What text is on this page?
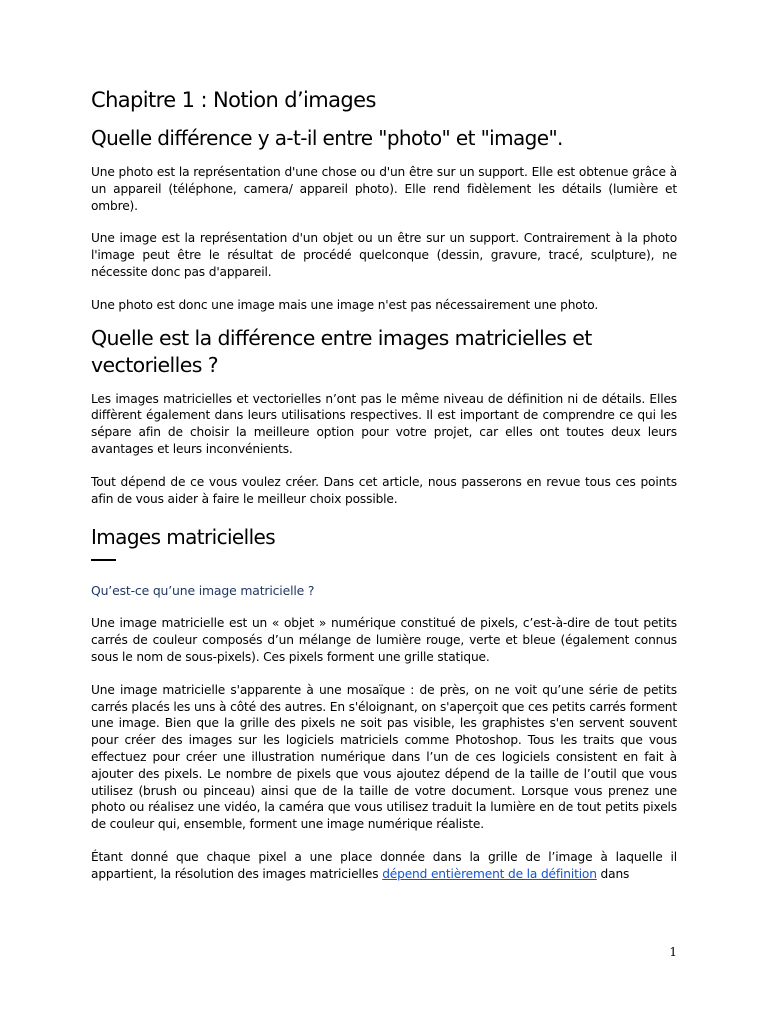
Chapitre 1 : Notion d’images
Quelle différence y a-t-il entre "photo" et "image".

Une photo est la représentation d'une chose ou d'un être sur un support. Elle est obtenue grâce à un appareil (téléphone, camera/ appareil photo). Elle rend fidèlement les détails (lumière et ombre).

Une image est la représentation d'un objet ou un être sur un support. Contrairement à la photo l'image peut être le résultat de procédé quelconque (dessin, gravure, tracé, sculpture), ne nécessite donc pas d'appareil.

Une photo est donc une image mais une image n'est pas nécessairement une photo.

Quelle est la différence entre images matricielles et vectorielles ?

Les images matricielles et vectorielles n’ont pas le même niveau de définition ni de détails. Elles diffèrent également dans leurs utilisations respectives. Il est important de comprendre ce qui les sépare afin de choisir la meilleure option pour votre projet, car elles ont toutes deux leurs avantages et leurs inconvénients.

Tout dépend de ce vous voulez créer. Dans cet article, nous passerons en revue tous ces points afin de vous aider à faire le meilleur choix possible.

Images matricielles
Qu’est-ce qu’une image matricielle ?

Une image matricielle est un « objet » numérique constitué de pixels, c’est-à-dire de tout petits carrés de couleur composés d’un mélange de lumière rouge, verte et bleue (également connus sous le nom de sous-pixels). Ces pixels forment une grille statique.

Une image matricielle s'apparente à une mosaïque : de près, on ne voit qu’une série de petits carrés placés les uns à côté des autres. En s'éloignant, on s'aperçoit que ces petits carrés forment une image. Bien que la grille des pixels ne soit pas visible, les graphistes s'en servent souvent pour créer des images sur les logiciels matriciels comme Photoshop. Tous les traits que vous effectuez pour créer une illustration numérique dans l’un de ces logiciels consistent en fait à ajouter des pixels. Le nombre de pixels que vous ajoutez dépend de la taille de l’outil que vous utilisez (brush ou pinceau) ainsi que de la taille de votre document. Lorsque vous prenez une photo ou réalisez une vidéo, la caméra que vous utilisez traduit la lumière en de tout petits pixels de couleur qui, ensemble, forment une image numérique réaliste.

Étant donné que chaque pixel a une place donnée dans la grille de l’image à laquelle il appartient, la résolution des images matricielles dépend entièrement de la définition dans

1
